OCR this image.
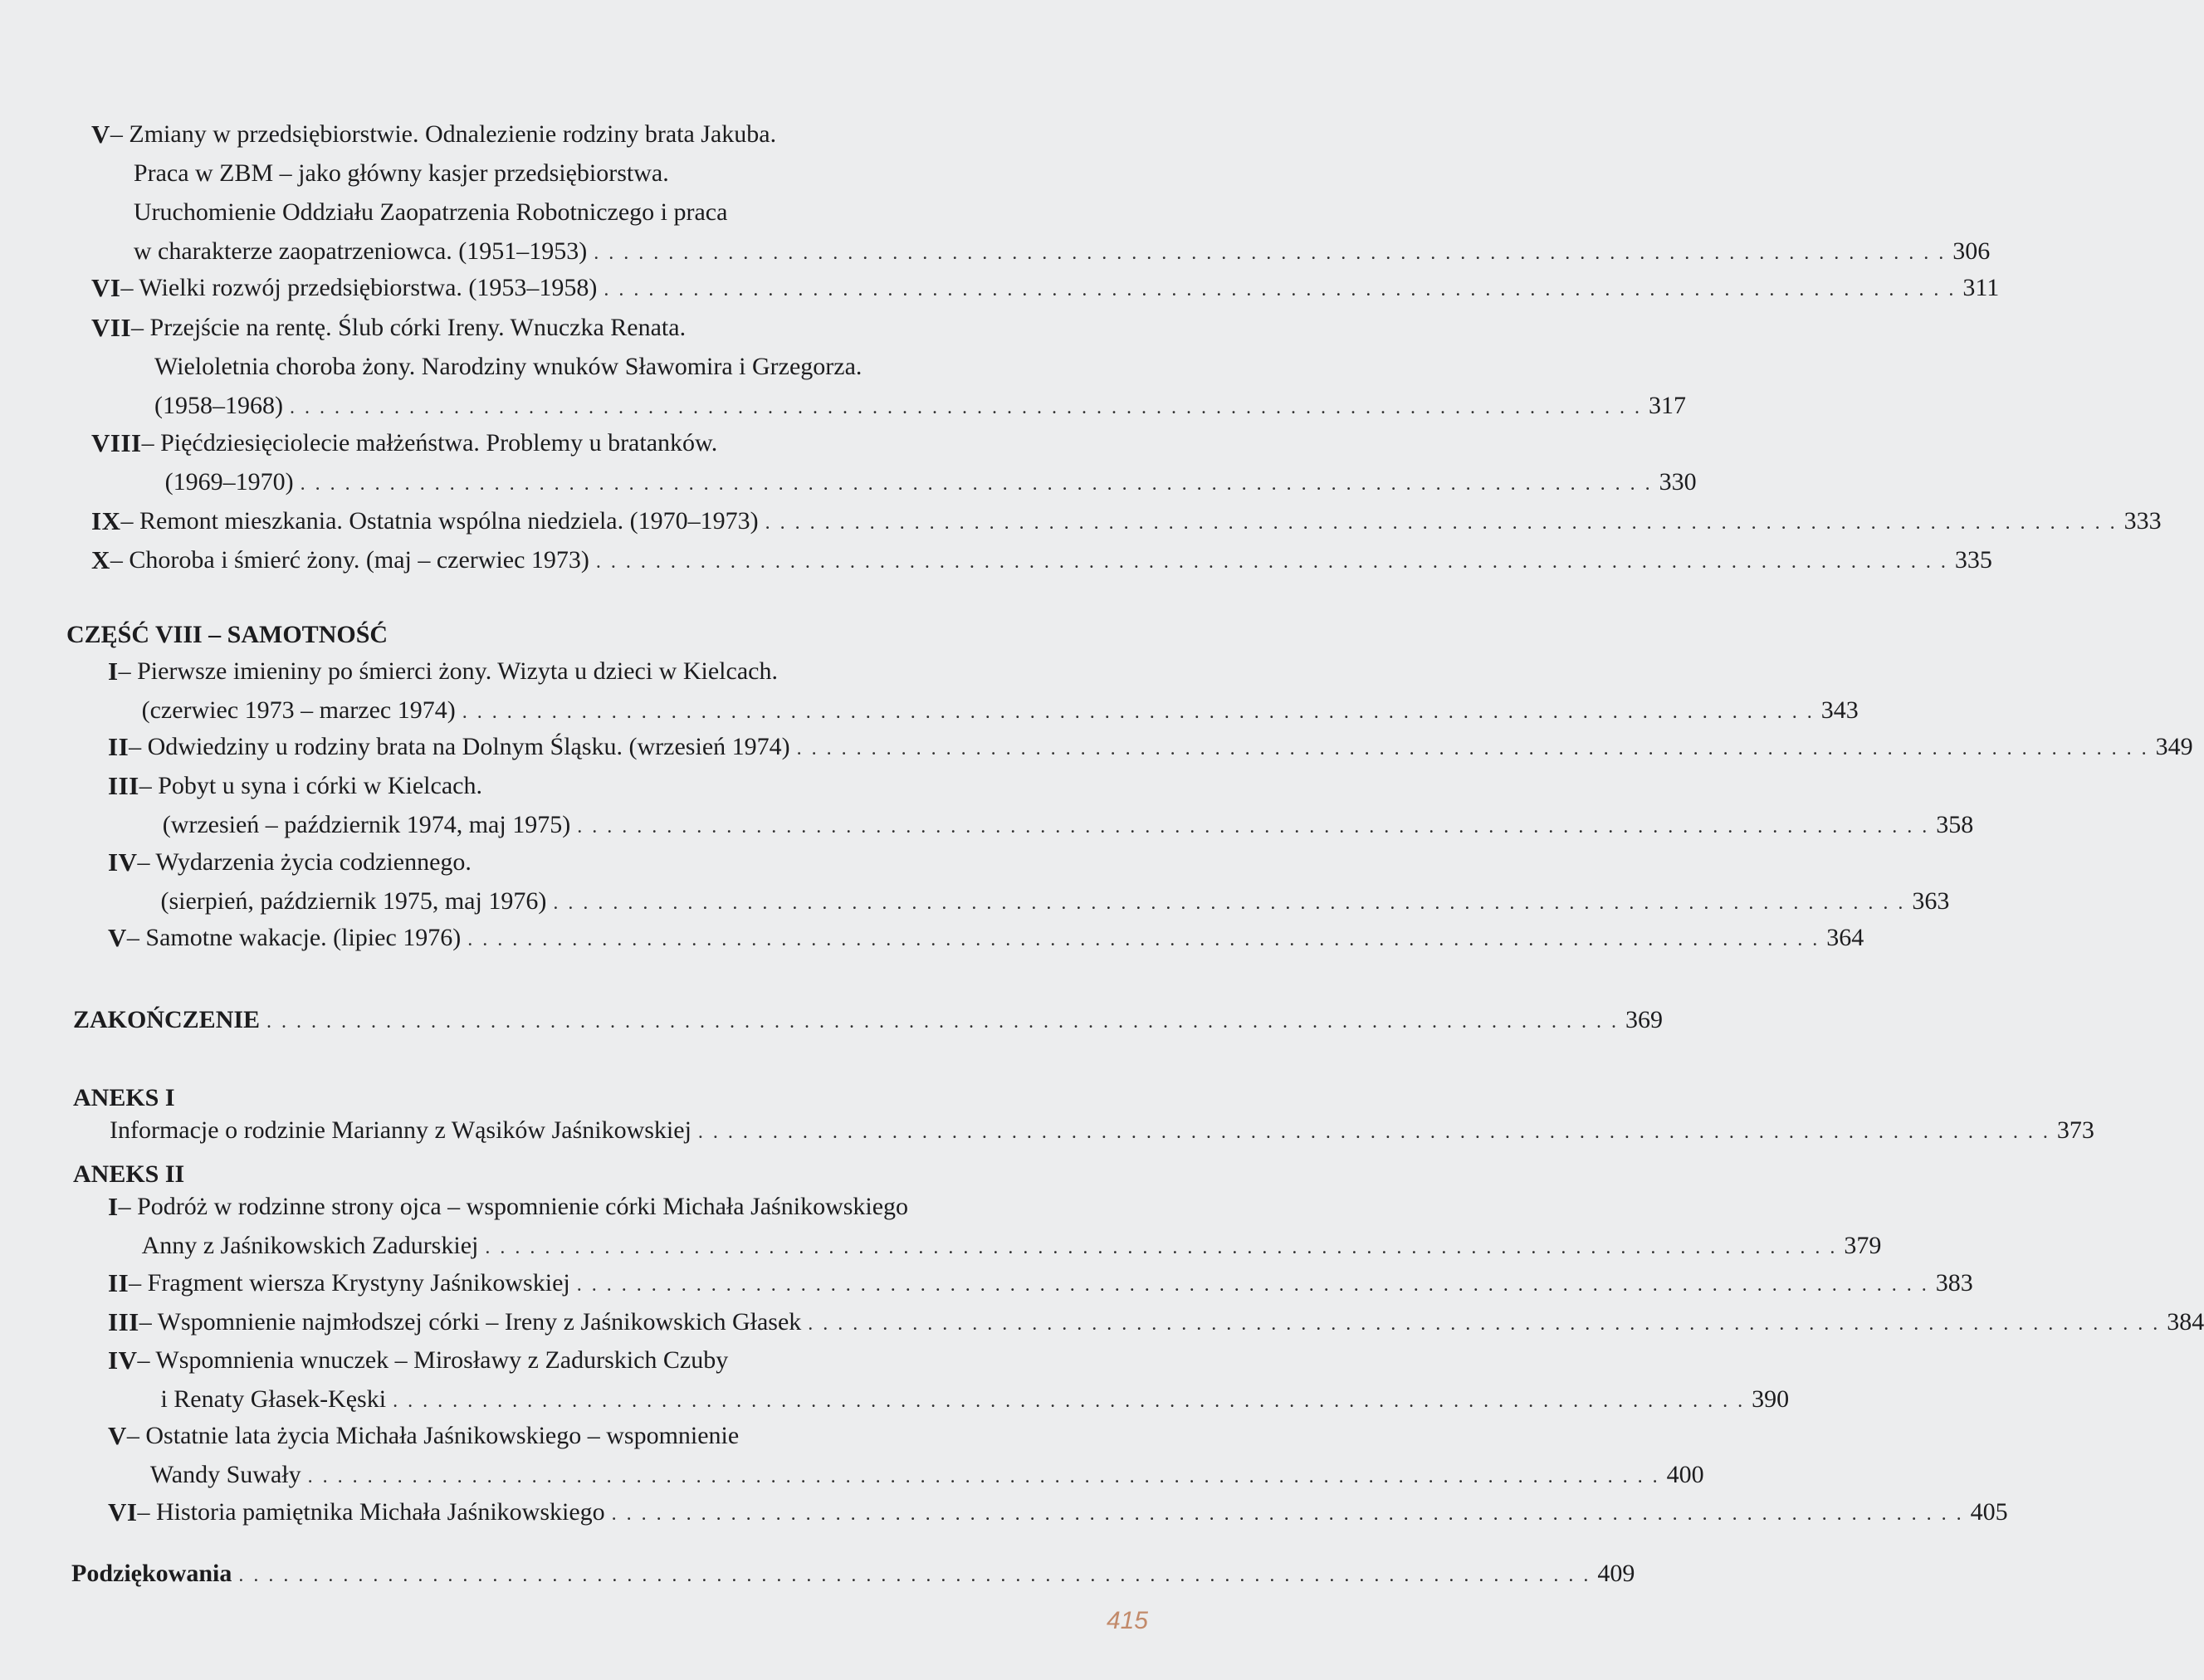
V – Zmiany w przedsiębiorstwie. Odnalezienie rodziny brata Jakuba.
Praca w ZBM – jako główny kasjer przedsiębiorstwa.
Uruchomienie Oddziału Zaopatrzenia Robotniczego i praca
w charakterze zaopatrzeniowca. (1951–1953) . . .	306
VI – Wielki rozwój przedsiębiorstwa. (1953–1958) . . .	311
VII – Przejście na rentę. Ślub córki Ireny. Wnuczka Renata.
Wieloletnia choroba żony. Narodziny wnuków Sławomira i Grzegorza.
(1958–1968) . . .	317
VIII – Pięćdziesięciolecie małżeństwa. Problemy u bratanków.
(1969–1970) . . .	330
IX – Remont mieszkania. Ostatnia wspólna niedziela. (1970–1973) . . .	333
X – Choroba i śmierć żony. (maj – czerwiec 1973) . . .	335
I – Pierwsze imieniny po śmierci żony. Wizyta u dzieci w Kielcach.
(czerwiec 1973 – marzec 1974) . . .	343
II – Odwiedziny u rodziny brata na Dolnym Śląsku. (wrzesień 1974) . . .	349
III – Pobyt u syna i córki w Kielcach.
(wrzesień – październik 1974, maj 1975) . . .	358
IV – Wydarzenia życia codziennego.
(sierpień, październik 1975, maj 1976) . . .	363
V – Samotne wakacje. (lipiec 1976) . . .	364
I – Podróż w rodzinne strony ojca – wspomnienie córki Michała Jaśnikowskiego
Anny z Jaśnikowskich Zadurskiej . . .	379
II – Fragment wiersza Krystyny Jaśnikowskiej . . .	383
III – Wspomnienie najmłodszej córki – Ireny z Jaśnikowskich Głasek . . .	384
IV – Wspomnienia wnuczek – Mirosławy z Zadurskich Czuby
i Renaty Głasek-Kęski . . .	390
V – Ostatnie lata życia Michała Jaśnikowskiego – wspomnienie
Wandy Suwały . . .	400
VI – Historia pamiętnika Michała Jaśnikowskiego . . .	405
ZAKOŃCZENIE . . .	369
Informacje o rodzinie Marianny z Wąsików Jaśnikowskiej . . .	373
Podziękowania . . .	409
CZĘŚĆ VIII – SAMOTNOŚĆ
ANEKS I
ANEKS II
415
